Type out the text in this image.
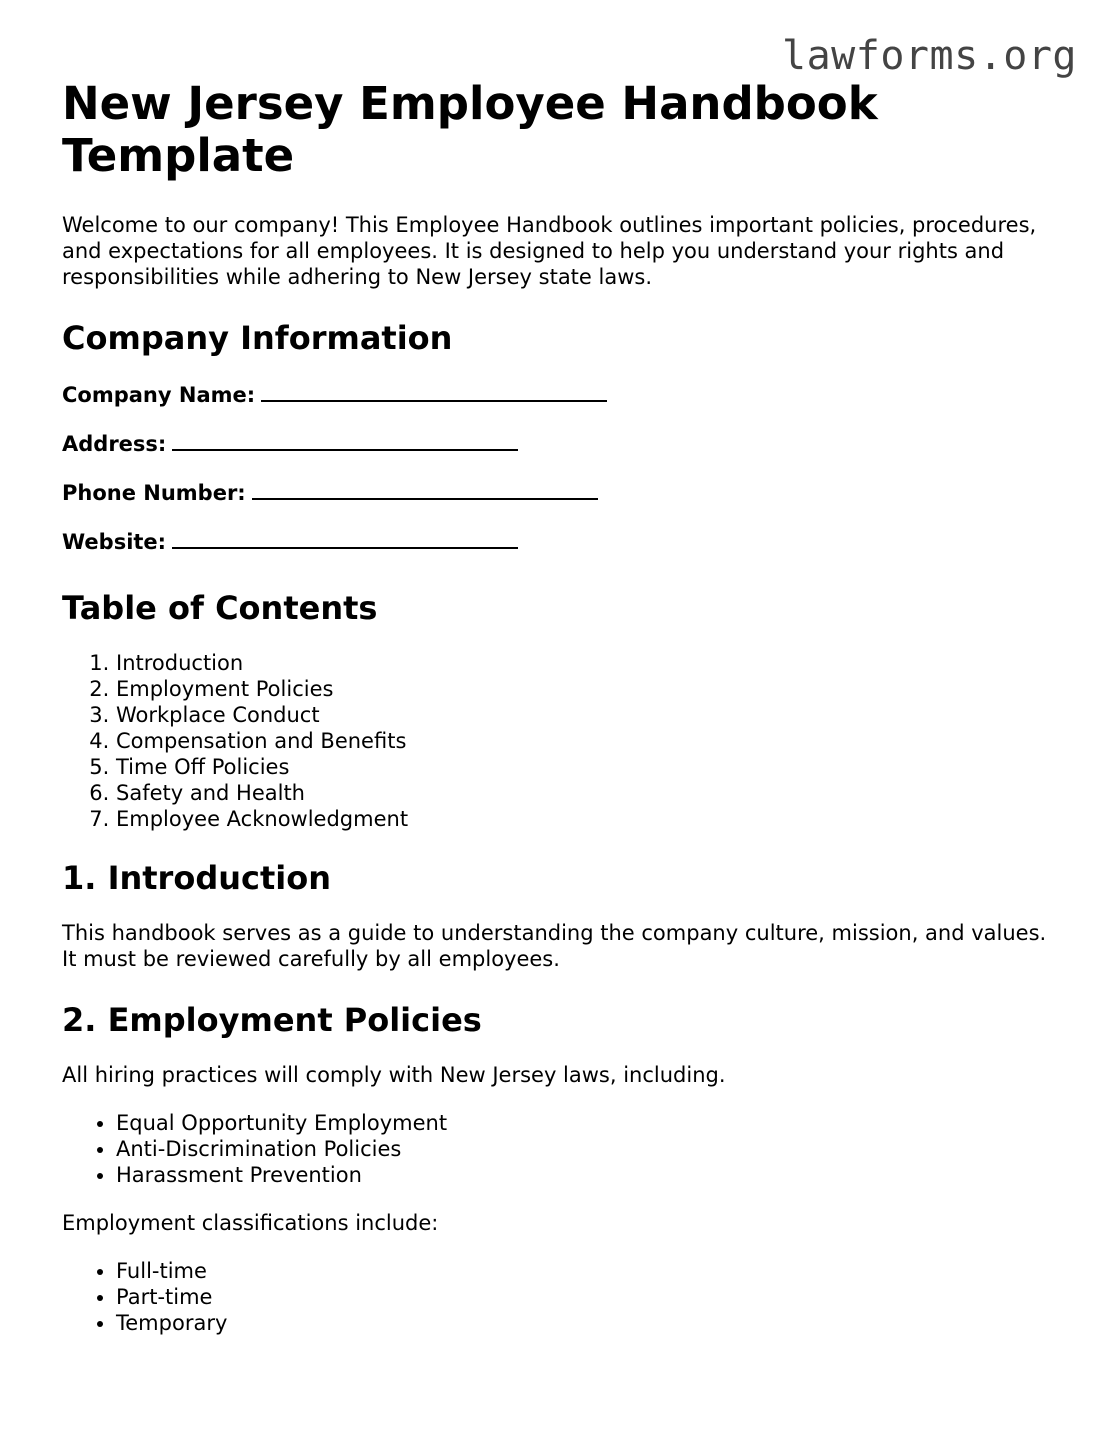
lawforms.org
New Jersey Employee Handbook Template

Welcome to our company! This Employee Handbook outlines important policies, procedures, and expectations for all employees. It is designed to help you understand your rights and responsibilities while adhering to New Jersey state laws.

Company Information
Company Name:
Address:
Phone Number:
Website:
Table of Contents
1. Introduction
2. Employment Policies
3. Workplace Conduct
4. Compensation and Benefits
5. Time Off Policies
6. Safety and Health
7. Employee Acknowledgment
1. Introduction

This handbook serves as a guide to understanding the company culture, mission, and values. It must be reviewed carefully by all employees.

2. Employment Policies

All hiring practices will comply with New Jersey laws, including.

• Equal Opportunity Employment
• Anti-Discrimination Policies
• Harassment Prevention

Employment classifications include:

• Full-time
• Part-time
• Temporary
